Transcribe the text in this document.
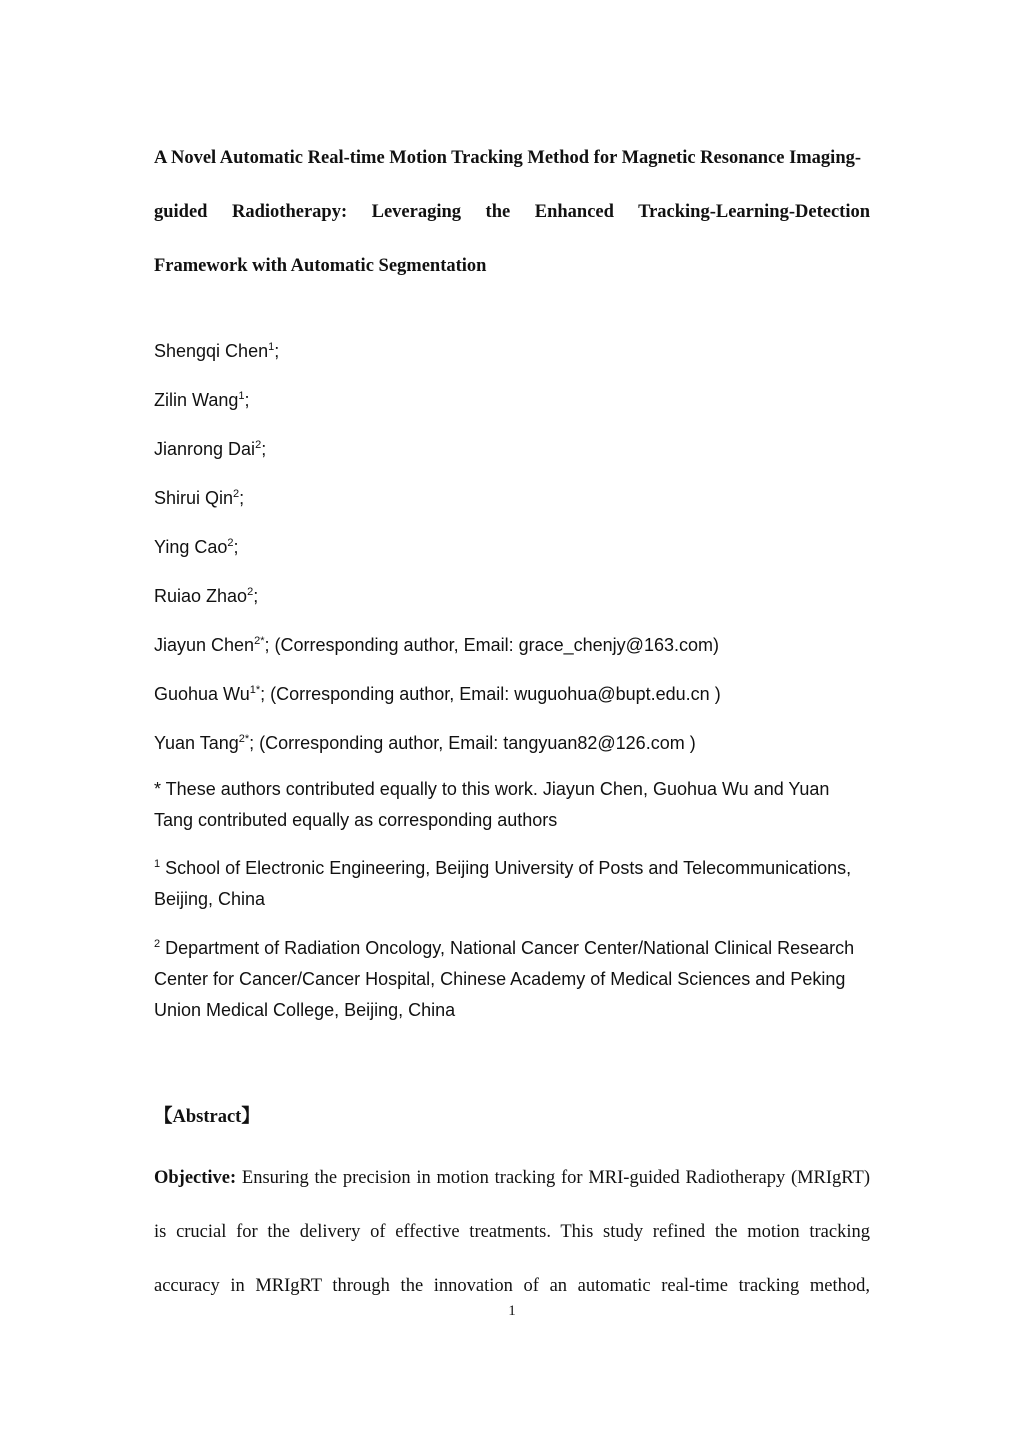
A Novel Automatic Real-time Motion Tracking Method for Magnetic Resonance Imaging-
guided Radiotherapy: Leveraging the Enhanced Tracking-Learning-Detection
Framework with Automatic Segmentation
Shengqi Chen$^1$;
Zilin Wang$^1$;
Jianrong Dai$^2$;
Shirui Qin$^2$;
Ying Cao$^2$;
Ruiao Zhao$^2$;
Jiayun Chen$^{2*}$; (Corresponding author, Email: grace_chenjy@163.com)
Guohua $Wu^{1*}$; (Corresponding author, Email: wuguohua@bupt.edu.cn )
Yuan Tang$^{2*}$; (Corresponding author, Email: tangyuan82@126.com )
* These authors contributed equally to this work. Jiayun Chen, Guohua Wu and Yuan Tang contributed equally as corresponding authors
$^1$ School of Electronic Engineering, Beijing University of Posts and Telecommunications, Beijing, China
$^2$ Department of Radiation Oncology, National Cancer Center/National Clinical Research Center for Cancer/Cancer Hospital, Chinese Academy of Medical Sciences and Peking Union Medical College, Beijing, China
【Abstract】
Objective: Ensuring the precision in motion tracking for MRI-guided Radiotherapy (MRIgRT) is crucial for the delivery of effective treatments. This study refined the motion tracking accuracy in MRIgRT through the innovation of an automatic real-time tracking method,
1
